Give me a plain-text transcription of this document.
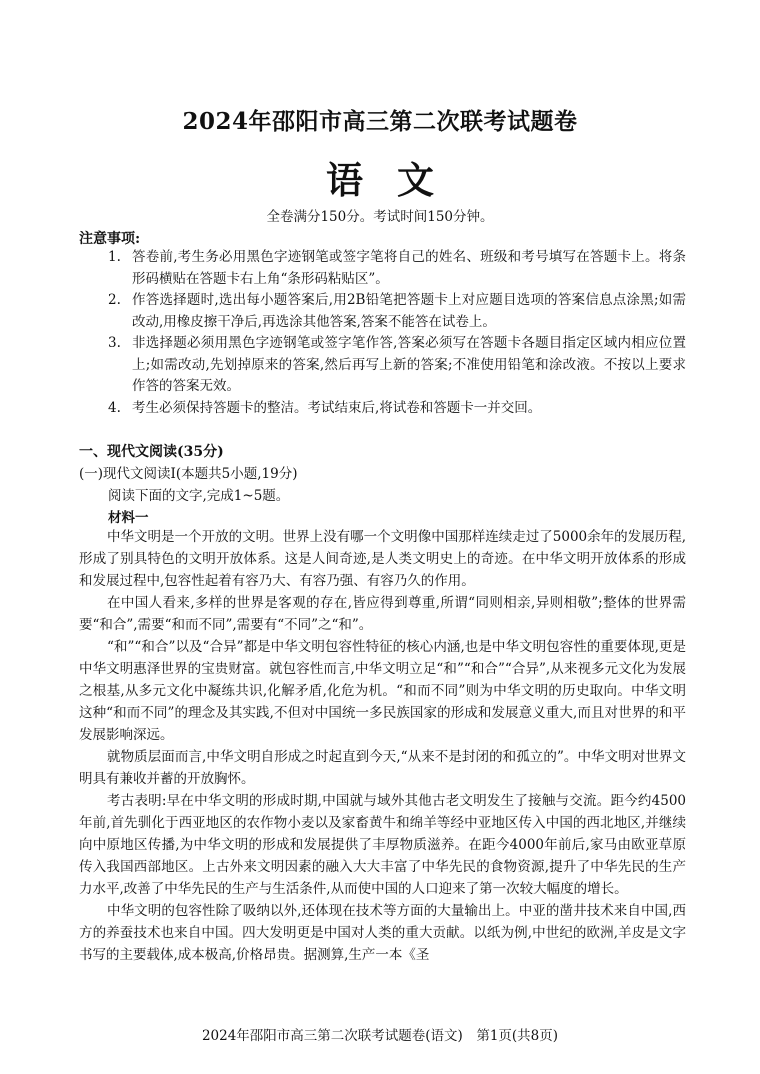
2024年邵阳市高三第二次联考试题卷
语文
全卷满分150分。考试时间150分钟。
注意事项:
1. 答卷前,考生务必用黑色字迹钢笔或签字笔将自己的姓名、班级和考号填写在答题卡上。将条形码横贴在答题卡右上角“条形码粘贴区”。
2. 作答选择题时,选出每小题答案后,用2B铅笔把答题卡上对应题目选项的答案信息点涂黑;如需改动,用橡皮擦干净后,再选涂其他答案,答案不能答在试卷上。
3. 非选择题必须用黑色字迹钢笔或签字笔作答,答案必须写在答题卡各题目指定区域内相应位置上;如需改动,先划掉原来的答案,然后再写上新的答案;不准使用铅笔和涂改液。不按以上要求作答的答案无效。
4. 考生必须保持答题卡的整洁。考试结束后,将试卷和答题卡一并交回。
一、现代文阅读(35分)
(一)现代文阅读Ⅰ(本题共5小题,19分)
阅读下面的文字,完成1~5题。
材料一

中华文明是一个开放的文明。世界上没有哪一个文明像中国那样连续走过了5000余年的发展历程,形成了别具特色的文明开放体系。这是人间奇迹,是人类文明史上的奇迹。在中华文明开放体系的形成和发展过程中,包容性起着有容乃大、有容乃强、有容乃久的作用。

在中国人看来,多样的世界是客观的存在,皆应得到尊重,所谓“同则相亲,异则相敬”;整体的世界需要“和合”,需要“和而不同”,需要有“不同”之“和”。

“和”“和合”以及“合异”都是中华文明包容性特征的核心内涵,也是中华文明包容性的重要体现,更是中华文明惠泽世界的宝贵财富。就包容性而言,中华文明立足“和”“和合”“合异”,从来视多元文化为发展之根基,从多元文化中凝练共识,化解矛盾,化危为机。“和而不同”则为中华文明的历史取向。中华文明这种“和而不同”的理念及其实践,不但对中国统一多民族国家的形成和发展意义重大,而且对世界的和平发展影响深远。

就物质层面而言,中华文明自形成之时起直到今天,“从来不是封闭的和孤立的”。中华文明对世界文明具有兼收并蓄的开放胸怀。

考古表明:早在中华文明的形成时期,中国就与域外其他古老文明发生了接触与交流。距今约4500年前,首先驯化于西亚地区的农作物小麦以及家畜黄牛和绵羊等经中亚地区传入中国的西北地区,并继续向中原地区传播,为中华文明的形成和发展提供了丰厚物质滋养。在距今4000年前后,家马由欧亚草原传入我国西部地区。上古外来文明因素的融入大大丰富了中华先民的食物资源,提升了中华先民的生产力水平,改善了中华先民的生产与生活条件,从而使中国的人口迎来了第一次较大幅度的增长。

中华文明的包容性除了吸纳以外,还体现在技术等方面的大量输出上。中亚的凿井技术来自中国,西方的养蚕技术也来自中国。四大发明更是中国对人类的重大贡献。以纸为例,中世纪的欧洲,羊皮是文字书写的主要载体,成本极高,价格昂贵。据测算,生产一本《圣

2024年邵阳市高三第二次联考试题卷(语文)　第1页(共8页)
